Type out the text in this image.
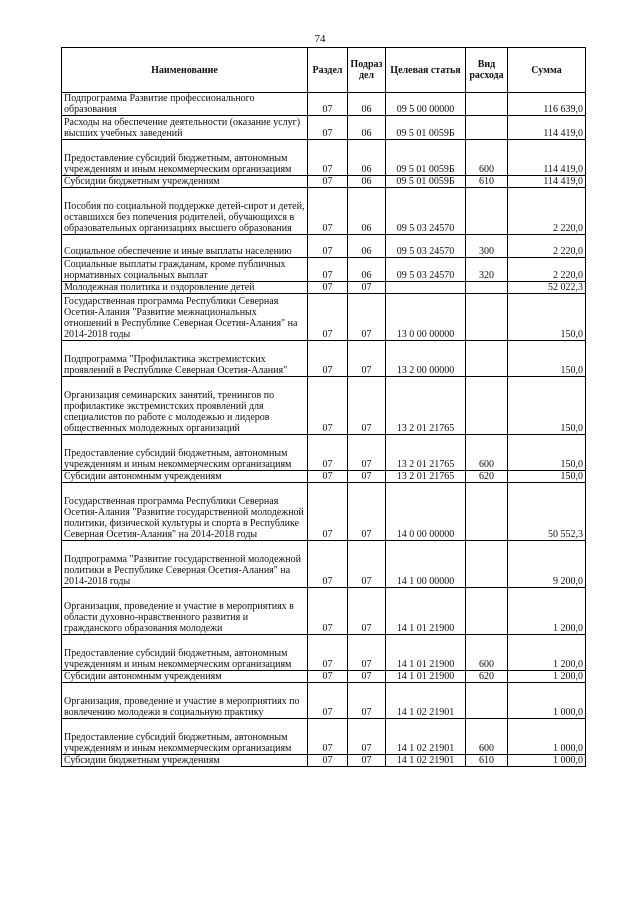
74
Наименование	Раздел	Подраз дел	Целевая статья	Вид расхода	Сумма
Подпрограмма Развитие профессионального образования	07	06	09 5 00 00000		116 639,0
Расходы на обеспечение деятельности (оказание услуг) высших учебных заведений	07	06	09 5 01 0059Б		114 419,0
Предоставление субсидий бюджетным, автономным учреждениям и иным некоммерческим организациям	07	06	09 5 01 0059Б	600	114 419,0
Субсидии бюджетным учреждениям	07	06	09 5 01 0059Б	610	114 419,0
Пособия по социальной поддержке детей-сирот и детей, оставшихся без попечения родителей, обучающихся в образовательных организациях высшего образования	07	06	09 5 03 24570		2 220,0
Социальное обеспечение и иные выплаты населению	07	06	09 5 03 24570	300	2 220,0
Социальные выплаты гражданам, кроме публичных нормативных социальных выплат	07	06	09 5 03 24570	320	2 220,0
Молодежная политика и оздоровление детей	07	07			52 022,3
Государственная программа Республики Северная Осетия-Алания "Развитие межнациональных отношений в Республике Северная Осетия-Алания" на 2014-2018 годы	07	07	13 0 00 00000		150,0
Подпрограмма "Профилактика экстремистских проявлений в Республике Северная Осетия-Алания"	07	07	13 2 00 00000		150,0
Организация семинарских занятий, тренингов по профилактике экстремистских проявлений для специалистов по работе с молодежью и лидеров общественных молодежных организаций	07	07	13 2 01 21765		150,0
Предоставление субсидий бюджетным, автономным учреждениям и иным некоммерческим организациям	07	07	13 2 01 21765	600	150,0
Субсидии автономным учреждениям	07	07	13 2 01 21765	620	150,0
Государственная программа Республики Северная Осетия-Алания "Развитие государственной молодежной политики, физической культуры и спорта в Республике Северная Осетия-Алания" на 2014-2018 годы	07	07	14 0 00 00000		50 552,3
Подпрограмма "Развитие государственной молодежной политики в Республике Северная Осетия-Алания" на 2014-2018 годы	07	07	14 1 00 00000		9 200,0
Организация, проведение и участие в мероприятиях в области духовно-нравственного развития и гражданского образования молодежи	07	07	14 1 01 21900		1 200,0
Предоставление субсидий бюджетным, автономным учреждениям и иным некоммерческим организациям	07	07	14 1 01 21900	600	1 200,0
Субсидии автономным учреждениям	07	07	14 1 01 21900	620	1 200,0
Организация, проведение и участие в мероприятиях по вовлечению молодежи в социальную практику	07	07	14 1 02 21901		1 000,0
Предоставление субсидий бюджетным, автономным учреждениям и иным некоммерческим организациям	07	07	14 1 02 21901	600	1 000,0
Субсидии бюджетным учреждениям	07	07	14 1 02 21901	610	1 000,0
